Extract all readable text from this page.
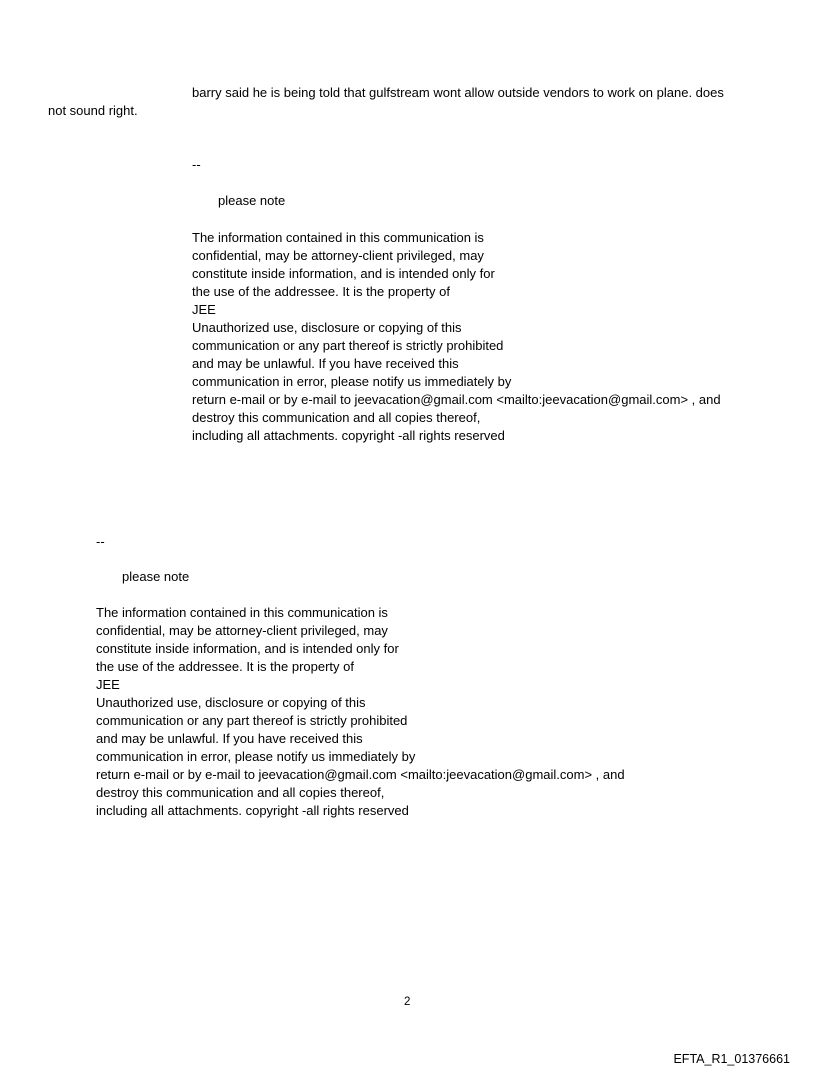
barry said he is being told that gulfstream wont allow outside vendors to work on plane. does
not sound right.
--
please note
The information contained in this communication is
confidential, may be attorney-client privileged, may
constitute inside information, and is intended only for
the use of the addressee. It is the property of
JEE
Unauthorized use, disclosure or copying of this
communication or any part thereof is strictly prohibited
and may be unlawful. If you have received this
communication in error, please notify us immediately by
return e-mail or by e-mail to jeevacation@gmail.com <mailto:jeevacation@gmail.com> , and
destroy this communication and all copies thereof,
including all attachments. copyright -all rights reserved
--
please note
The information contained in this communication is
confidential, may be attorney-client privileged, may
constitute inside information, and is intended only for
the use of the addressee. It is the property of
JEE
Unauthorized use, disclosure or copying of this
communication or any part thereof is strictly prohibited
and may be unlawful. If you have received this
communication in error, please notify us immediately by
return e-mail or by e-mail to jeevacation@gmail.com <mailto:jeevacation@gmail.com> , and
destroy this communication and all copies thereof,
including all attachments. copyright -all rights reserved
2
EFTA_R1_01376661
